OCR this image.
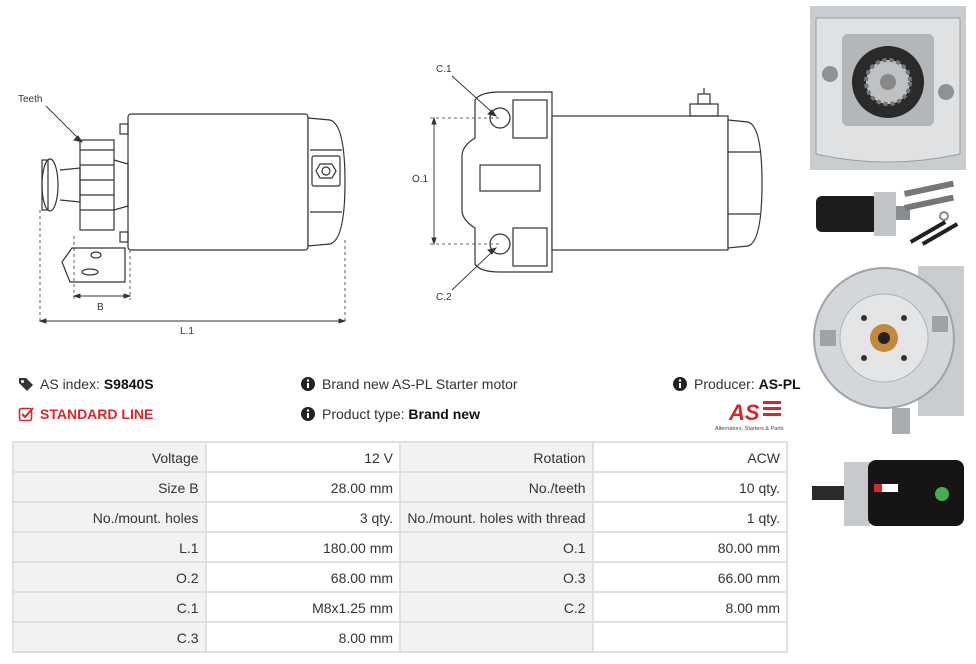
Teeth
B
L.1
C.1
C.2
O.1
AS index:
S9840S
STANDARD LINE
Brand new AS-PL Starter motor
Product type:
Brand new
Producer:
AS-PL
AS
Alternators, Starters & Parts
Voltage	12 V	Rotation	ACW
Size B	28.00 mm	No./teeth	10 qty.
No./mount. holes	3 qty.	No./mount. holes with thread	1 qty.
L.1	180.00 mm	O.1	80.00 mm
O.2	68.00 mm	O.3	66.00 mm
C.1	M8x1.25 mm	C.2	8.00 mm
C.3	8.00 mm		
